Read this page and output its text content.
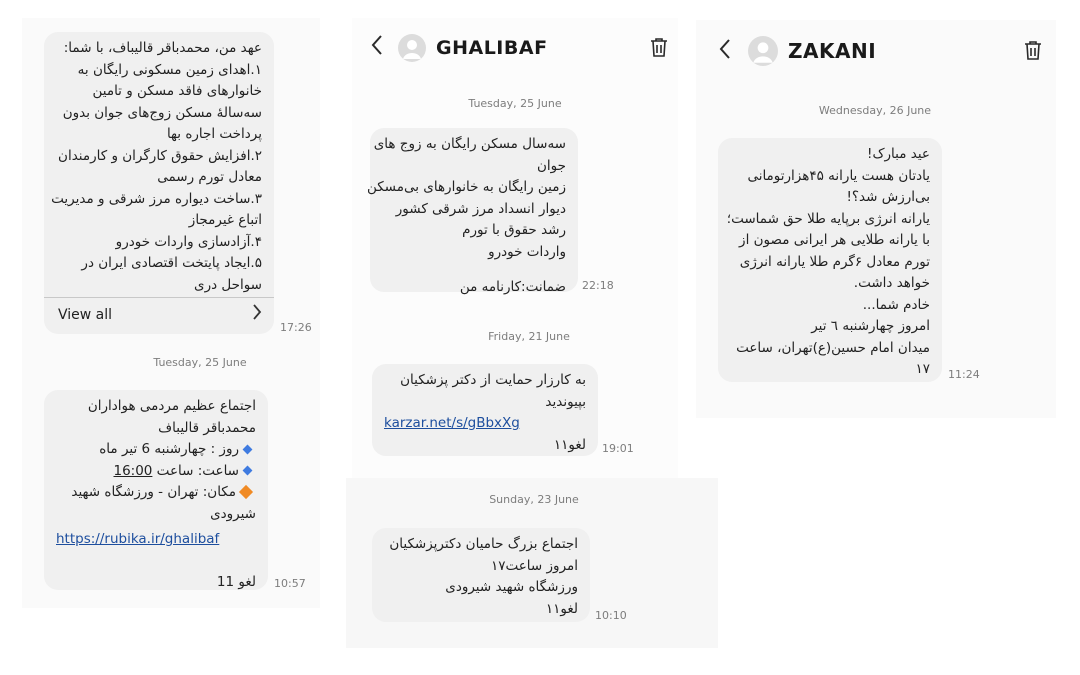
عهد من، محمدباقر قالیباف، با شما:
۱.اهدای زمین مسکونی رایگان به
خانوارهای فاقد مسکن و تامین
سه‌سالهٔ مسکن زوج‌های جوان بدون
پرداخت اجاره بها
۲.افزایش حقوق کارگران و کارمندان
معادل تورم رسمی
۳.ساخت دیواره مرز شرقی و مدیریت
اتباع غیرمجاز
۴.آزادسازی واردات خودرو
۵.ایجاد پایتخت اقتصادی ایران در
سواحل دری
View all
17:26
Tuesday, 25 June
اجتماع عظیم مردمی هواداران
محمدباقر قالیباف
روز : چهارشنبه 6 تیر ماه
ساعت: ساعت 16:00
مکان: تهران - ورزشگاه شهید
شیرودی
https://rubika.ir/ghalibaf
لغو 11 10:57
GHALIBAF
Tuesday, 25 June
سه‌سال مسکن رایگان به زوج های
جوان
زمین رایگان به خانوارهای بی‌مسکن
دیوار انسداد مرز شرقی کشور
رشد حقوق با تورم
واردات خودرو
ضمانت:کارنامه من 22:18
Friday, 21 June
به کارزار حمایت از دکتر پزشکیان
بپیوندید
karzar.net/s/gBbxXg
لغو۱۱ 19:01
Sunday, 23 June
اجتماع بزرگ حامیان دکترپزشکیان
امروز ساعت۱۷
ورزشگاه شهید شیرودی
لغو۱۱ 10:10
ZAKANI
Wednesday, 26 June
عید مبارک!
یادتان هست یارانه ۴۵هزارتومانی
بی‌ارزش شد؟!
یارانه انرژی برپایه طلا حق شماست؛
با یارانه طلایی هر ایرانی مصون از
تورم معادل ۶گرم طلا یارانه انرژی
خواهد داشت.
خادم شما...
امروز چهارشنبه ٦ تیر
میدان امام حسین(ع)تهران، ساعت
۱۷ 11:24
